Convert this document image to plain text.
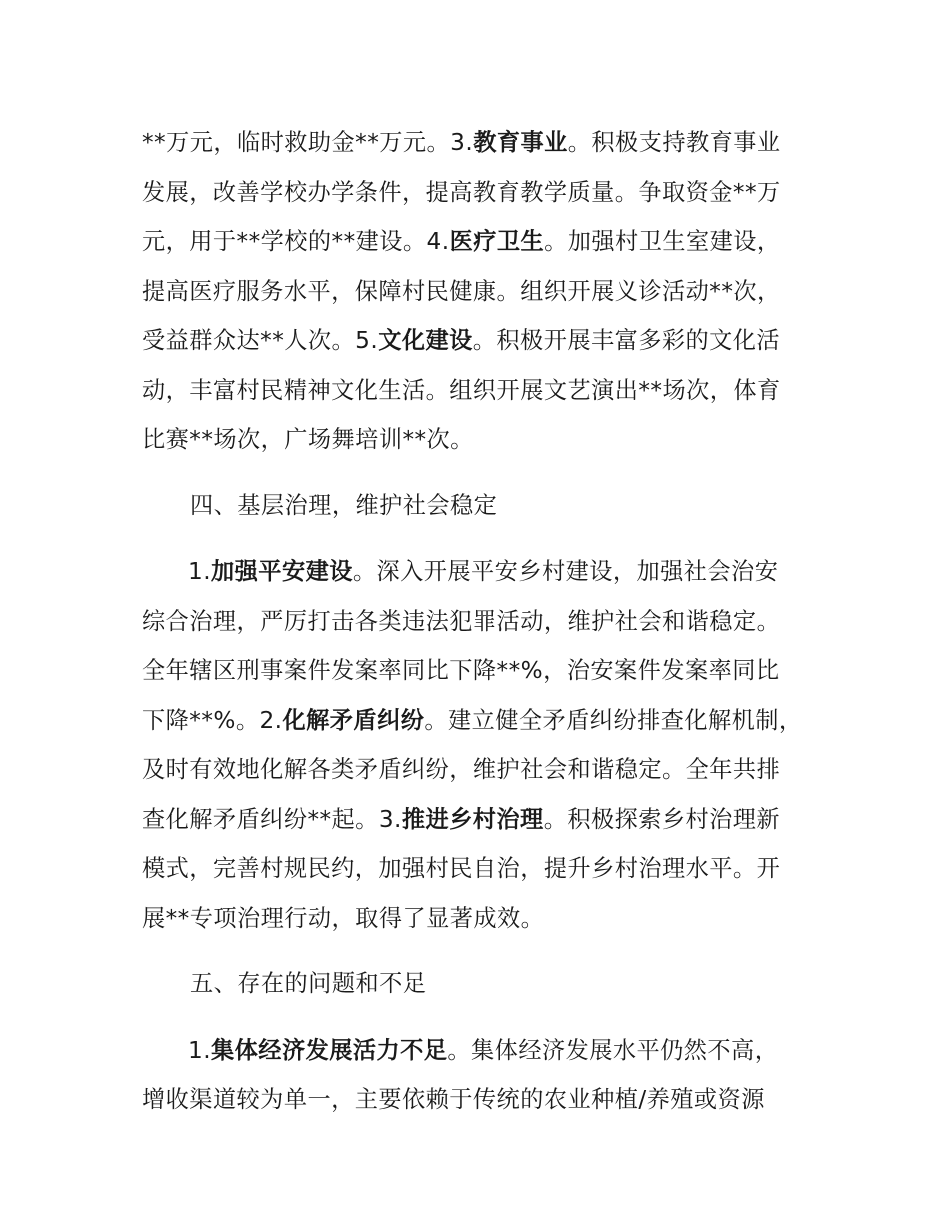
**万元，临时救助金**万元。3.教育事业。积极支持教育事业
发展，改善学校办学条件，提高教育教学质量。争取资金**万
元，用于**学校的**建设。4.医疗卫生。加强村卫生室建设，
提高医疗服务水平，保障村民健康。组织开展义诊活动**次，
受益群众达**人次。5.文化建设。积极开展丰富多彩的文化活
动，丰富村民精神文化生活。组织开展文艺演出**场次，体育
比赛**场次，广场舞培训**次。
四、基层治理，维护社会稳定
1.加强平安建设。深入开展平安乡村建设，加强社会治安
综合治理，严厉打击各类违法犯罪活动，维护社会和谐稳定。
全年辖区刑事案件发案率同比下降**%，治安案件发案率同比
下降**%。2.化解矛盾纠纷。建立健全矛盾纠纷排查化解机制，
及时有效地化解各类矛盾纠纷，维护社会和谐稳定。全年共排
查化解矛盾纠纷**起。3.推进乡村治理。积极探索乡村治理新
模式，完善村规民约，加强村民自治，提升乡村治理水平。开
展**专项治理行动，取得了显著成效。
五、存在的问题和不足
1.集体经济发展活力不足。集体经济发展水平仍然不高，
增收渠道较为单一，主要依赖于传统的农业种植/养殖或资源
